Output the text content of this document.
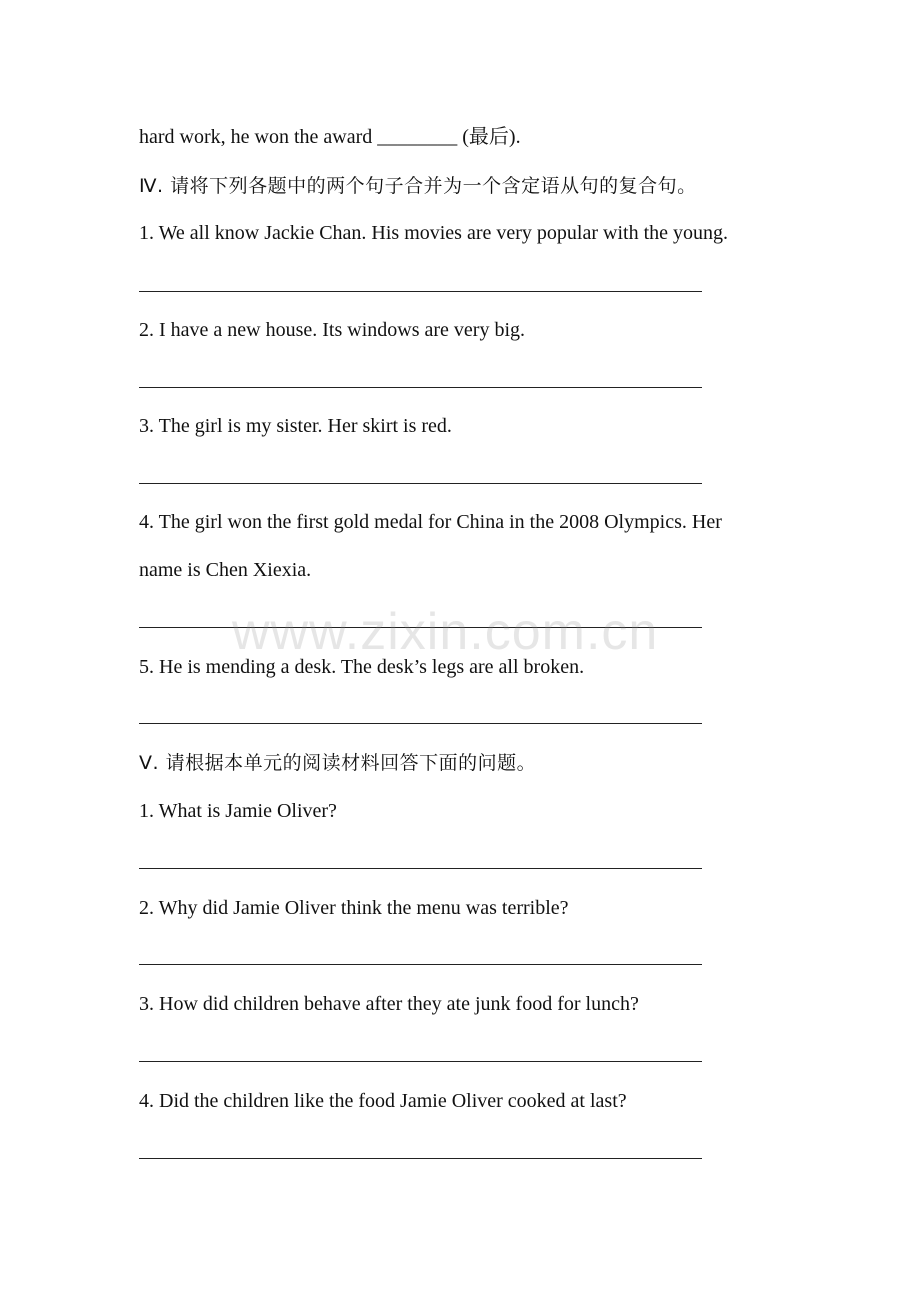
hard work, he won the award ________ (最后).
Ⅳ. 请将下列各题中的两个句子合并为一个含定语从句的复合句。
1. We all know Jackie Chan. His movies are very popular with the young.
2. I have a new house. Its windows are very big.
3. The girl is my sister. Her skirt is red.
4. The girl won the first gold medal for China in the 2008 Olympics. Her
name is Chen Xiexia.
5. He is mending a desk. The desk’s legs are all broken.
Ⅴ. 请根据本单元的阅读材料回答下面的问题。
1. What is Jamie Oliver?
2. Why did Jamie Oliver think the menu was terrible?
3. How did children behave after they ate junk food for lunch?
4. Did the children like the food Jamie Oliver cooked at last?
www.zixin.com.cn
